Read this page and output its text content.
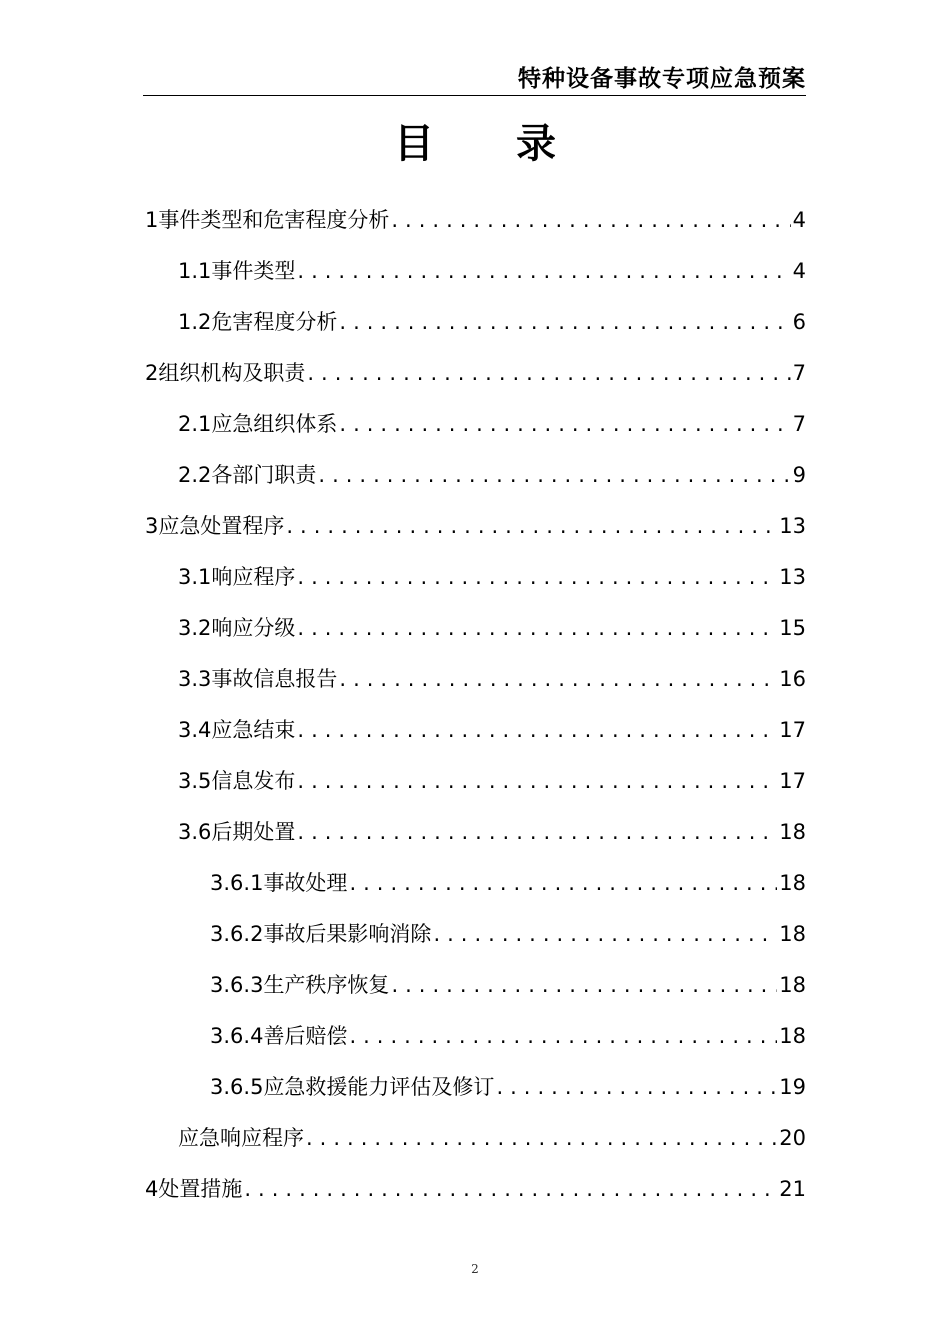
特种设备事故专项应急预案
目 录
1 事件类型和危害程度分析 .....	4
1.1 事件类型 .....	4
1.2 危害程度分析 .....	6
2 组织机构及职责 .....	7
2.1 应急组织体系 .....	7
2.2 各部门职责 .....	9
3 应急处置程序 .....	13
3.1 响应程序 .....	13
3.2 响应分级 .....	15
3.3 事故信息报告 .....	16
3.4 应急结束 .....	17
3.5 信息发布 .....	17
3.6 后期处置 .....	18
3.6.1 事故处理 .....	18
3.6.2 事故后果影响消除 .....	18
3.6.3 生产秩序恢复 .....	18
3.6.4 善后赔偿 .....	18
3.6.5 应急救援能力评估及修订 .....	19
应急响应程序 .....	20
4 处置措施 .....	21
2
